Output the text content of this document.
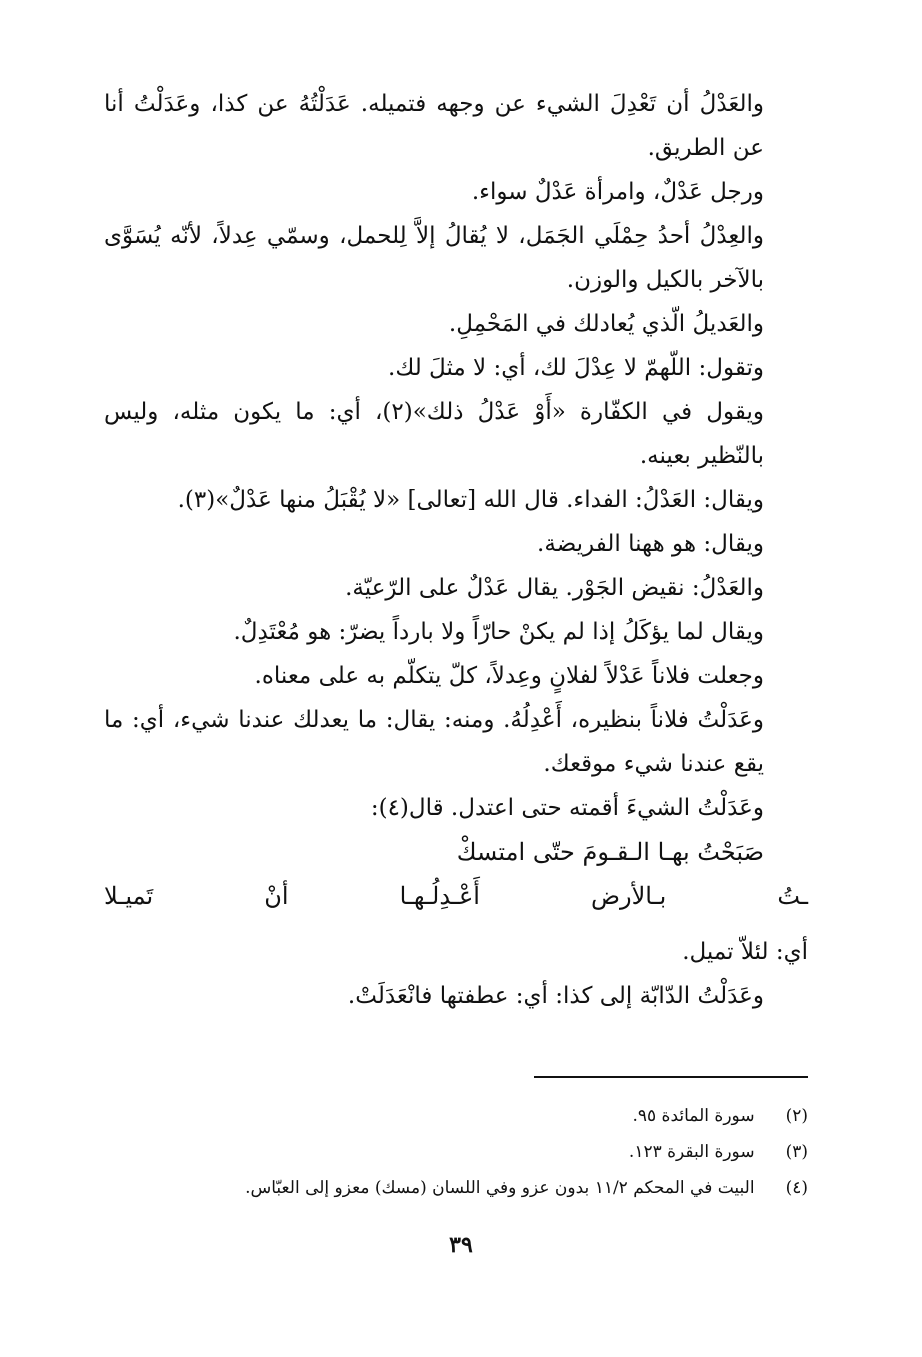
والعَدْلُ أن تَعْدِلَ الشيء عن وجهه فتميله. عَدَلْتُهُ عن كذا، وعَدَلْتُ أنا عن الطريق.

ورجل عَدْلٌ، وامرأة عَدْلٌ سواء.

والعِدْلُ أحدُ حِمْلَي الجَمَل، لا يُقالُ إلاَّ لِلحمل، وسمّي عِدلاً، لأنّه يُسَوَّى بالآخر بالكيل والوزن.

والعَديلُ الّذي يُعادلك في المَحْمِلِ.

وتقول: اللّهمّ لا عِدْلَ لك، أي: لا مثلَ لك.

ويقول في الكفّارة «أَوْ عَدْلُ ذلك»(٢)، أي: ما يكون مثله، وليس بالنّظير بعينه.

ويقال: العَدْلُ: الفداء. قال الله [تعالى] «لا يُقْبَلُ منها عَدْلٌ»(٣).

ويقال: هو ههنا الفريضة.

والعَدْلُ: نقيض الجَوْر. يقال عَدْلٌ على الرّعيّة.

ويقال لما يؤكَلُ إذا لم يكنْ حارّاً ولا بارداً يضرّ: هو مُعْتَدِلٌ.

وجعلت فلاناً عَدْلاً لفلانٍ وعِدلاً، كلّ يتكلّم به على معناه.

وعَدَلْتُ فلاناً بنظيره، أَعْدِلُهُ. ومنه: يقال: ما يعدلك عندنا شيء، أي: ما يقع عندنا شيء موقعك.

وعَدَلْتُ الشيءَ أقمته حتى اعتدل. قال(٤):

صَبَحْتُ بهـا الـقـومَ حتّى امتسكْ
ـتُ بـالأرض أَعْـدِلُـهـا أنْ تَميـلا

أي: لئلاّ تميل.

وعَدَلْتُ الدّابّة إلى كذا: أي: عطفتها فانْعَدَلَتْ.

(٢) سورة المائدة ٩٥.
(٣) سورة البقرة ١٢٣.
(٤) البيت في المحكم ١١/٢ بدون عزو وفي اللسان (مسك) معزو إلى العبّاس.
٣٩
